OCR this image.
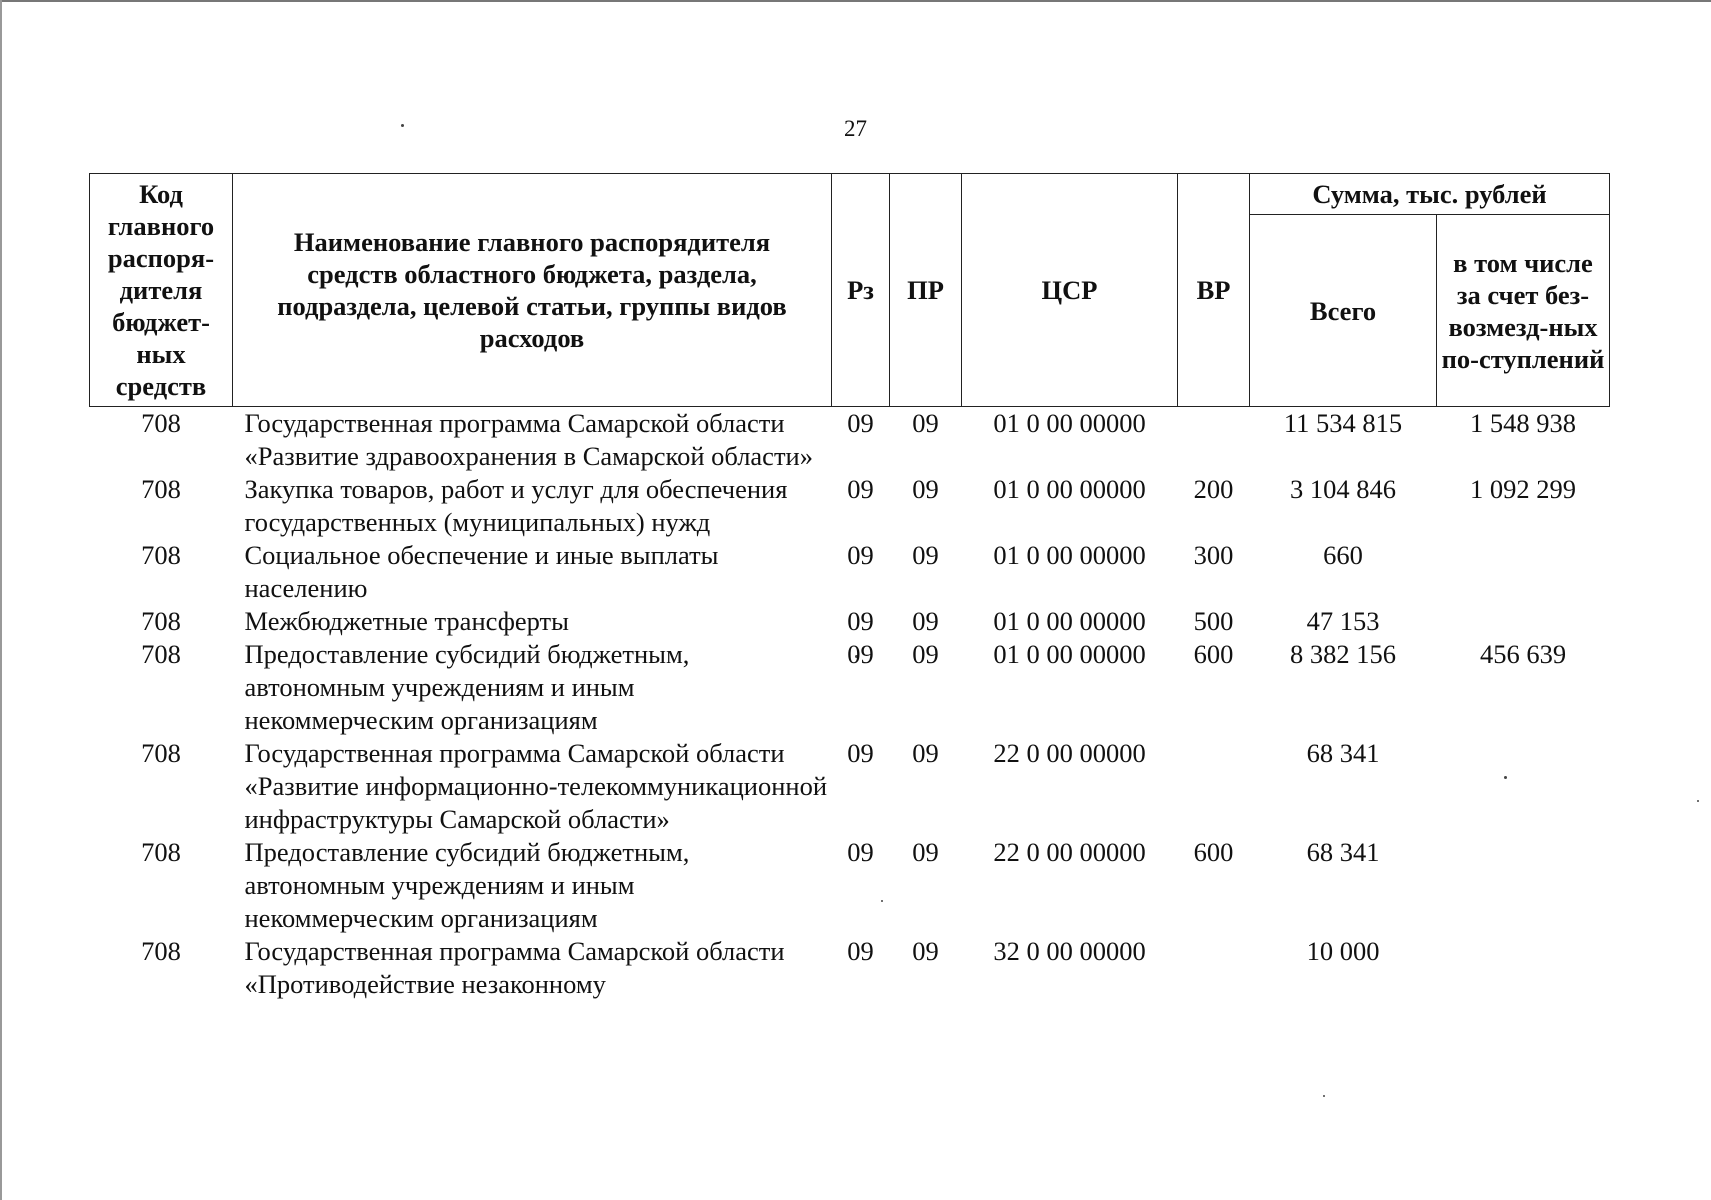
27
Код главного распоря-дителя бюджет-ных средств	Наименование главного распорядителя средств областного бюджета, раздела, подраздела, целевой статьи, группы видов расходов	Рз	ПР	ЦСР	ВР	Сумма, тыс. рублей	
						Всего	в том числе за счет без-возмезд-ных по-ступлений
708	Государственная программа Самарской области «Развитие здравоохранения в Самарской области»	09	09	01 0 00 00000		11 534 815	1 548 938
708	Закупка товаров, работ и услуг для обеспечения государственных (муниципальных) нужд	09	09	01 0 00 00000	200	3 104 846	1 092 299
708	Социальное обеспечение и иные выплаты населению	09	09	01 0 00 00000	300	660	
708	Межбюджетные трансферты	09	09	01 0 00 00000	500	47 153	
708	Предоставление субсидий бюджетным, автономным учреждениям и иным некоммерческим организациям	09	09	01 0 00 00000	600	8 382 156	456 639
708	Государственная программа Самарской области «Развитие информационно-телекоммуникационной инфраструктуры Самарской области»	09	09	22 0 00 00000		68 341	
708	Предоставление субсидий бюджетным, автономным учреждениям и иным некоммерческим организациям	09	09	22 0 00 00000	600	68 341	
708	Государственная программа Самарской области «Противодействие незаконному	09	09	32 0 00 00000		10 000	
